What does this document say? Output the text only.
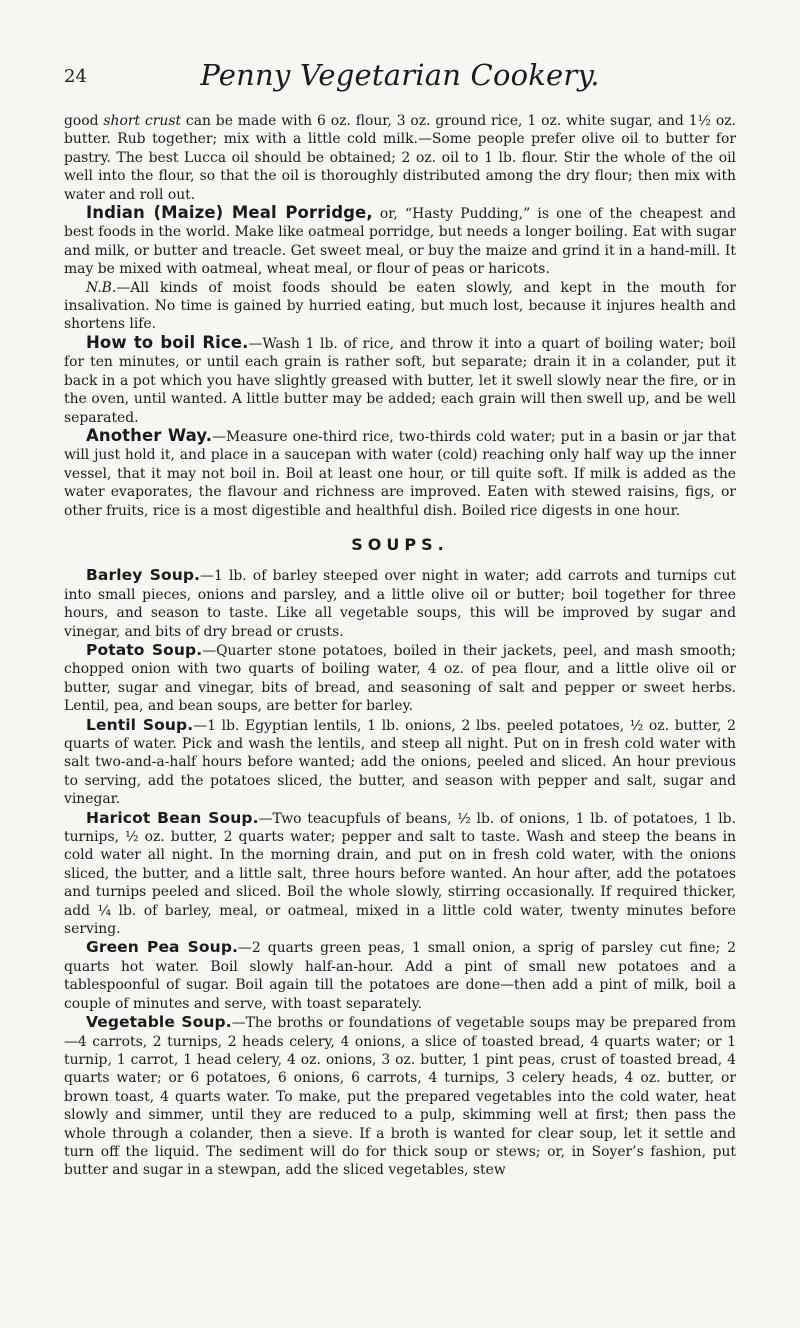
24	Penny Vegetarian Cookery.

good short crust can be made with 6 oz. flour, 3 oz. ground rice, 1 oz. white sugar, and 1½ oz. butter. Rub together; mix with a little cold milk.—Some people prefer olive oil to butter for pastry. The best Lucca oil should be obtained; 2 oz. oil to 1 lb. flour. Stir the whole of the oil well into the flour, so that the oil is thoroughly distributed among the dry flour; then mix with water and roll out.

Indian (Maize) Meal Porridge, or, “Hasty Pudding,” is one of the cheapest and best foods in the world. Make like oatmeal porridge, but needs a longer boiling. Eat with sugar and milk, or butter and treacle. Get sweet meal, or buy the maize and grind it in a hand-mill. It may be mixed with oatmeal, wheat meal, or flour of peas or haricots.

N.B.—All kinds of moist foods should be eaten slowly, and kept in the mouth for insalivation. No time is gained by hurried eating, but much lost, because it injures health and shortens life.

How to boil Rice.—Wash 1 lb. of rice, and throw it into a quart of boiling water; boil for ten minutes, or until each grain is rather soft, but separate; drain it in a colander, put it back in a pot which you have slightly greased with butter, let it swell slowly near the fire, or in the oven, until wanted. A little butter may be added; each grain will then swell up, and be well separated.

Another Way.—Measure one-third rice, two-thirds cold water; put in a basin or jar that will just hold it, and place in a saucepan with water (cold) reaching only half way up the inner vessel, that it may not boil in. Boil at least one hour, or till quite soft. If milk is added as the water evaporates, the flavour and richness are improved. Eaten with stewed raisins, figs, or other fruits, rice is a most digestible and healthful dish. Boiled rice digests in one hour.

SOUPS.

Barley Soup.—1 lb. of barley steeped over night in water; add carrots and turnips cut into small pieces, onions and parsley, and a little olive oil or butter; boil together for three hours, and season to taste. Like all vegetable soups, this will be improved by sugar and vinegar, and bits of dry bread or crusts.

Potato Soup.—Quarter stone potatoes, boiled in their jackets, peel, and mash smooth; chopped onion with two quarts of boiling water, 4 oz. of pea flour, and a little olive oil or butter, sugar and vinegar, bits of bread, and seasoning of salt and pepper or sweet herbs. Lentil, pea, and bean soups, are better for barley.

Lentil Soup.—1 lb. Egyptian lentils, 1 lb. onions, 2 lbs. peeled potatoes, ½ oz. butter, 2 quarts of water. Pick and wash the lentils, and steep all night. Put on in fresh cold water with salt two-and-a-half hours before wanted; add the onions, peeled and sliced. An hour previous to serving, add the potatoes sliced, the butter, and season with pepper and salt, sugar and vinegar.

Haricot Bean Soup.—Two teacupfuls of beans, ½ lb. of onions, 1 lb. of potatoes, 1 lb. turnips, ½ oz. butter, 2 quarts water; pepper and salt to taste. Wash and steep the beans in cold water all night. In the morning drain, and put on in fresh cold water, with the onions sliced, the butter, and a little salt, three hours before wanted. An hour after, add the potatoes and turnips peeled and sliced. Boil the whole slowly, stirring occasionally. If required thicker, add ¼ lb. of barley, meal, or oatmeal, mixed in a little cold water, twenty minutes before serving.

Green Pea Soup.—2 quarts green peas, 1 small onion, a sprig of parsley cut fine; 2 quarts hot water. Boil slowly half-an-hour. Add a pint of small new potatoes and a tablespoonful of sugar. Boil again till the potatoes are done—then add a pint of milk, boil a couple of minutes and serve, with toast separately.

Vegetable Soup.—The broths or foundations of vegetable soups may be prepared from—4 carrots, 2 turnips, 2 heads celery, 4 onions, a slice of toasted bread, 4 quarts water; or 1 turnip, 1 carrot, 1 head celery, 4 oz. onions, 3 oz. butter, 1 pint peas, crust of toasted bread, 4 quarts water; or 6 potatoes, 6 onions, 6 carrots, 4 turnips, 3 celery heads, 4 oz. butter, or brown toast, 4 quarts water. To make, put the prepared vegetables into the cold water, heat slowly and simmer, until they are reduced to a pulp, skimming well at first; then pass the whole through a colander, then a sieve. If a broth is wanted for clear soup, let it settle and turn off the liquid. The sediment will do for thick soup or stews; or, in Soyer’s fashion, put butter and sugar in a stewpan, add the sliced vegetables, stew
